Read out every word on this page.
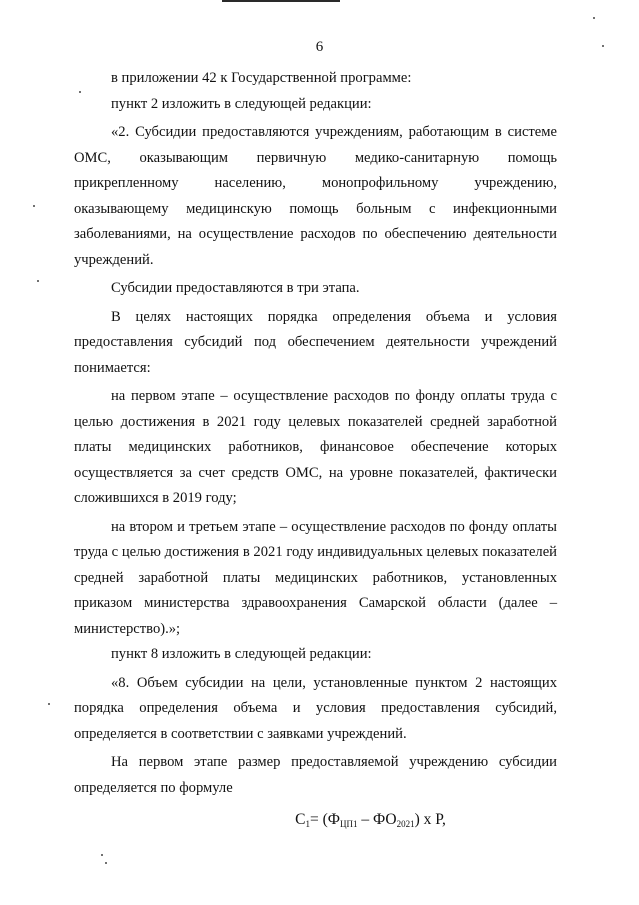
6

в приложении 42 к Государственной программе:

пункт 2 изложить в следующей редакции:

«2. Субсидии предоставляются учреждениям, работающим в системе ОМС, оказывающим первичную медико-санитарную помощь прикрепленному населению, монопрофильному учреждению, оказывающему медицинскую помощь больным с инфекционными заболеваниями, на осуществление расходов по обеспечению деятельности учреждений.

Субсидии предоставляются в три этапа.

В целях настоящих порядка определения объема и условия предоставления субсидий под обеспечением деятельности учреждений понимается:

на первом этапе – осуществление расходов по фонду оплаты труда с целью достижения в 2021 году целевых показателей средней заработной платы медицинских работников, финансовое обеспечение которых осуществляется за счет средств ОМС, на уровне показателей, фактически сложившихся в 2019 году;

на втором и третьем этапе – осуществление расходов по фонду оплаты труда с целью достижения в 2021 году индивидуальных целевых показателей средней заработной платы медицинских работников, установленных приказом министерства здравоохранения Самарской области (далее – министерство).»;

пункт 8 изложить в следующей редакции:

«8. Объем субсидии на цели, установленные пунктом 2 настоящих порядка определения объема и условия предоставления субсидий, определяется в соответствии с заявками учреждений.

На первом этапе размер предоставляемой учреждению субсидии определяется по формуле

$С_1= (Ф_{ЦП1} - ФО_{2021})$ х Р,
